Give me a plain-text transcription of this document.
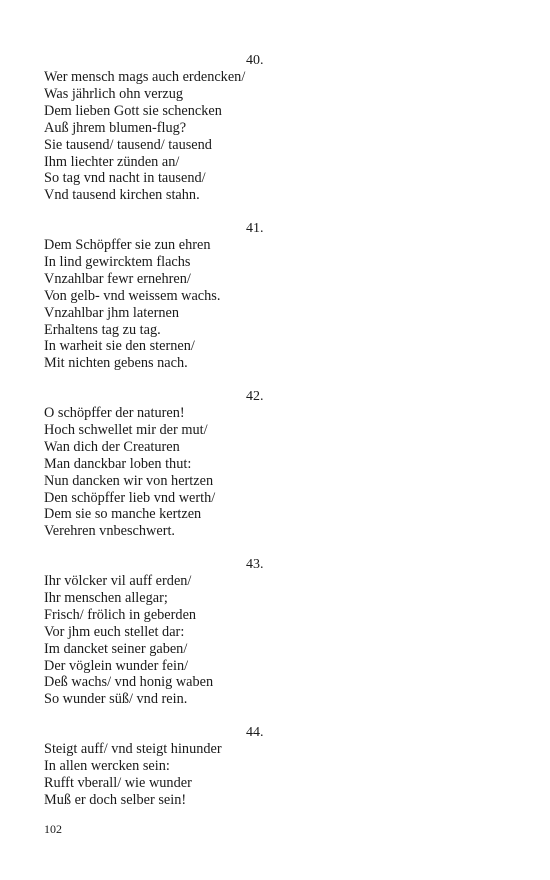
40.
Wer mensch mags auch erdencken/
Was jährlich ohn verzug
Dem lieben Gott sie schencken
Auß jhrem blumen-flug?
Sie tausend/ tausend/ tausend
Ihm liechter zünden an/
So tag vnd nacht in tausend/
Vnd tausend kirchen stahn.
41.
Dem Schöpffer sie zun ehren
In lind gewircktem flachs
Vnzahlbar fewr ernehren/
Von gelb- vnd weissem wachs.
Vnzahlbar jhm laternen
Erhaltens tag zu tag.
In warheit sie den sternen/
Mit nichten gebens nach.
42.
O schöpffer der naturen!
Hoch schwellet mir der mut/
Wan dich der Creaturen
Man danckbar loben thut:
Nun dancken wir von hertzen
Den schöpffer lieb vnd werth/
Dem sie so manche kertzen
Verehren vnbeschwert.
43.
Ihr völcker vil auff erden/
Ihr menschen allegar;
Frisch/ frölich in geberden
Vor jhm euch stellet dar:
Im dancket seiner gaben/
Der vöglein wunder fein/
Deß wachs/ vnd honig waben
So wunder süß/ vnd rein.
44.
Steigt auff/ vnd steigt hinunder
In allen wercken sein:
Rufft vberall/ wie wunder
Muß er doch selber sein!
102
